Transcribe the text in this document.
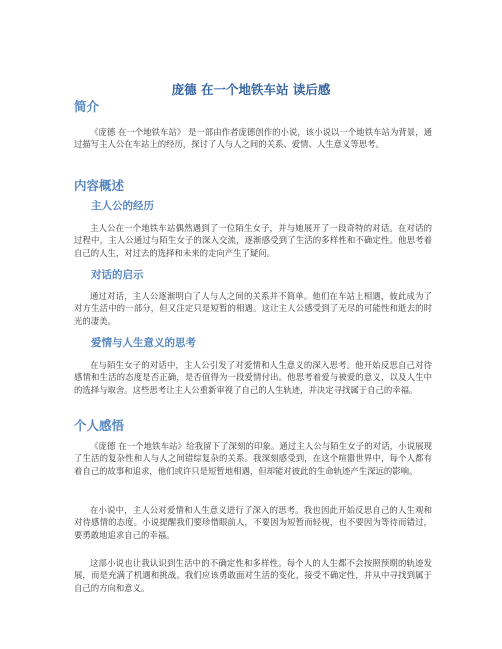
庞德 在一个地铁车站 读后感
简介

《庞德 在一个地铁车站》 是一部由作者庞德创作的小说，该小说以一个地铁车站为背景，通过描写主人公在车站上的经历，探讨了人与人之间的关系、爱情、人生意义等思考。

内容概述
主人公的经历

主人公在一个地铁车站偶然遇到了一位陌生女子，并与她展开了一段奇特的对话。在对话的过程中，主人公通过与陌生女子的深入交流，逐渐感受到了生活的多样性和不确定性。他思考着自己的人生，对过去的选择和未来的走向产生了疑问。

对话的启示

通过对话，主人公逐渐明白了人与人之间的关系并不简单。他们在车站上相遇，彼此成为了对方生活中的一部分，但又注定只是短暂的相遇。这让主人公感受到了无尽的可能性和逝去的时光的凄美。

爱情与人生意义的思考

在与陌生女子的对话中，主人公引发了对爱情和人生意义的深入思考。他开始反思自己对待感情和生活的态度是否正确，是否值得为一段爱情付出。他思考着爱与被爱的意义，以及人生中的选择与取舍。这些思考让主人公重新审视了自己的人生轨迹，并决定寻找属于自己的幸福。

个人感悟

《庞德 在一个地铁车站》给我留下了深刻的印象。通过主人公与陌生女子的对话，小说展现了生活的复杂性和人与人之间错综复杂的关系。我深刻感受到，在这个喧嚣世界中，每个人都有着自己的故事和追求，他们或许只是短暂地相遇，但却能对彼此的生命轨迹产生深远的影响。

在小说中，主人公对爱情和人生意义进行了深入的思考。我也因此开始反思自己的人生观和对待感情的态度。小说提醒我们要珍惜眼前人，不要因为短暂而轻视，也不要因为等待而错过，要勇敢地追求自己的幸福。

这部小说也让我认识到生活中的不确定性和多样性。每个人的人生都不会按照预期的轨迹发展，而是充满了机遇和挑战。我们应该勇敢面对生活的变化，接受不确定性，并从中寻找到属于自己的方向和意义。
